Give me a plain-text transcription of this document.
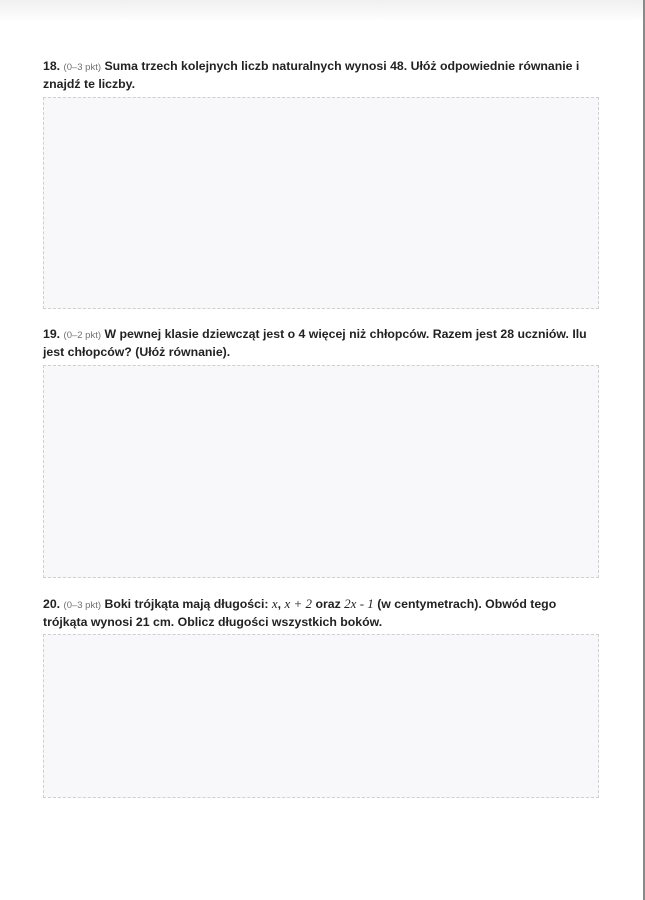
18. (0–3 pkt) Suma trzech kolejnych liczb naturalnych wynosi 48. Ułóż odpowiednie równanie i znajdź te liczby.

19. (0–2 pkt) W pewnej klasie dziewcząt jest o 4 więcej niż chłopców. Razem jest 28 uczniów. Ilu jest chłopców? (Ułóż równanie).

20. (0–3 pkt) Boki trójkąta mają długości: x, x + 2 oraz 2x - 1 (w centymetrach). Obwód tego trójkąta wynosi 21 cm. Oblicz długości wszystkich boków.
